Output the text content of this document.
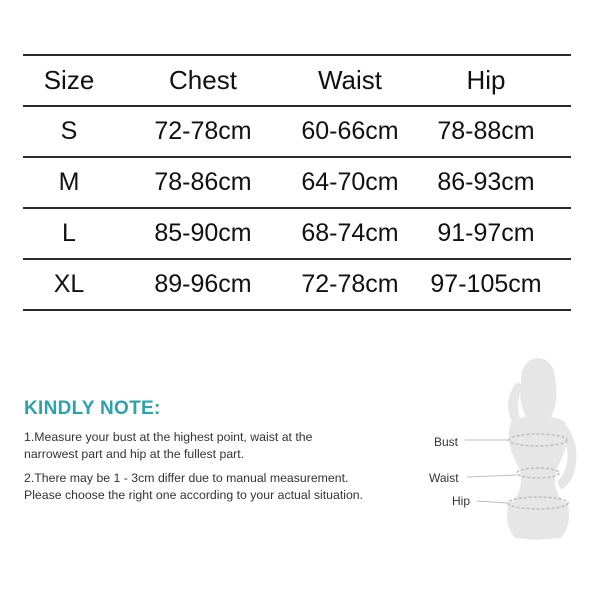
Size	Chest	Waist	Hip
S	72-78cm	60-66cm	78-88cm
M	78-86cm	64-70cm	86-93cm
L	85-90cm	68-74cm	91-97cm
XL	89-96cm	72-78cm	97-105cm
KINDLY NOTE:

1.Measure your bust at the highest point, waist at the

narrowest part and hip at the fullest part.

2.There may be 1 - 3cm differ due to manual measurement.

Please choose the right one according to your actual situation.

Bust
Waist
Hip
